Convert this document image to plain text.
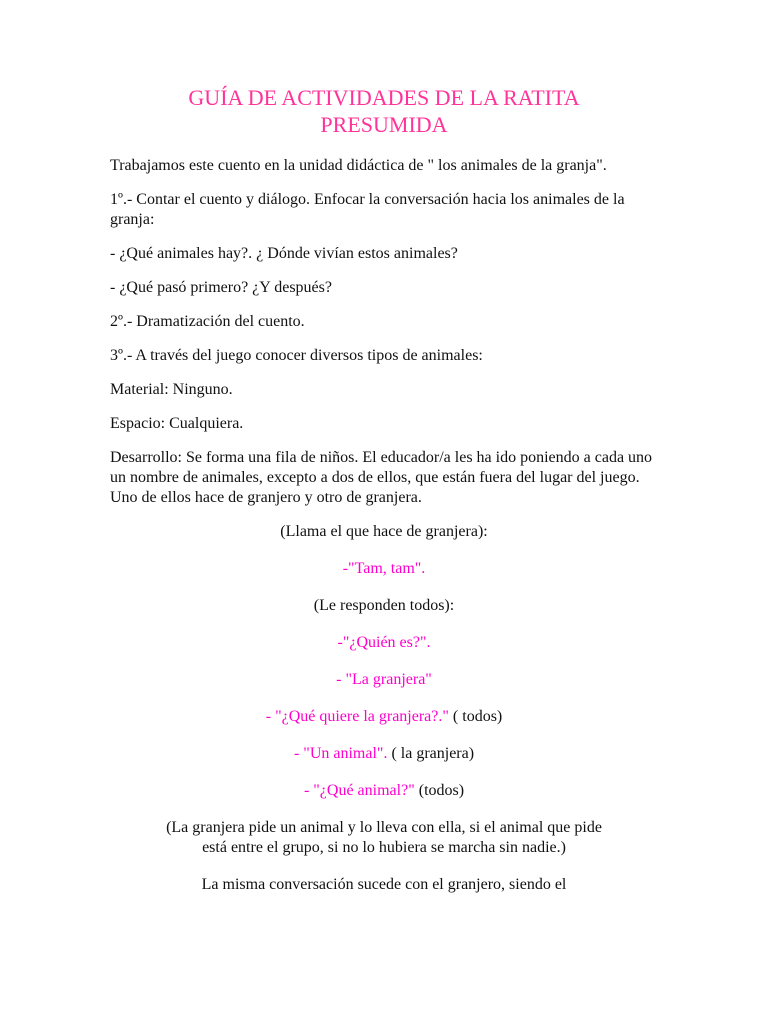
GUÍA DE ACTIVIDADES DE LA RATITA
PRESUMIDA

Trabajamos este cuento en la unidad didáctica de " los animales de la granja".

1º.- Contar el cuento y diálogo. Enfocar la conversación hacia los animales de la granja:

- ¿Qué animales hay?. ¿ Dónde vivían estos animales?

- ¿Qué pasó primero? ¿Y después?

2º.- Dramatización del cuento.

3º.- A través del juego conocer diversos tipos de animales:

Material: Ninguno.

Espacio: Cualquiera.

Desarrollo: Se forma una fila de niños. El educador/a les ha ido poniendo a cada uno un nombre de animales, excepto a dos de ellos, que están fuera del lugar del juego. Uno de ellos hace de granjero y otro de granjera.

(Llama el que hace de granjera):

-"Tam, tam".

(Le responden todos):

-"¿Quién es?".

- "La granjera"

- "¿Qué quiere la granjera?." ( todos)

- "Un animal". ( la granjera)

- "¿Qué animal?" (todos)

(La granjera pide un animal y lo lleva con ella, si el animal que pide está entre el grupo, si no lo hubiera se marcha sin nadie.)

La misma conversación sucede con el granjero, siendo el
